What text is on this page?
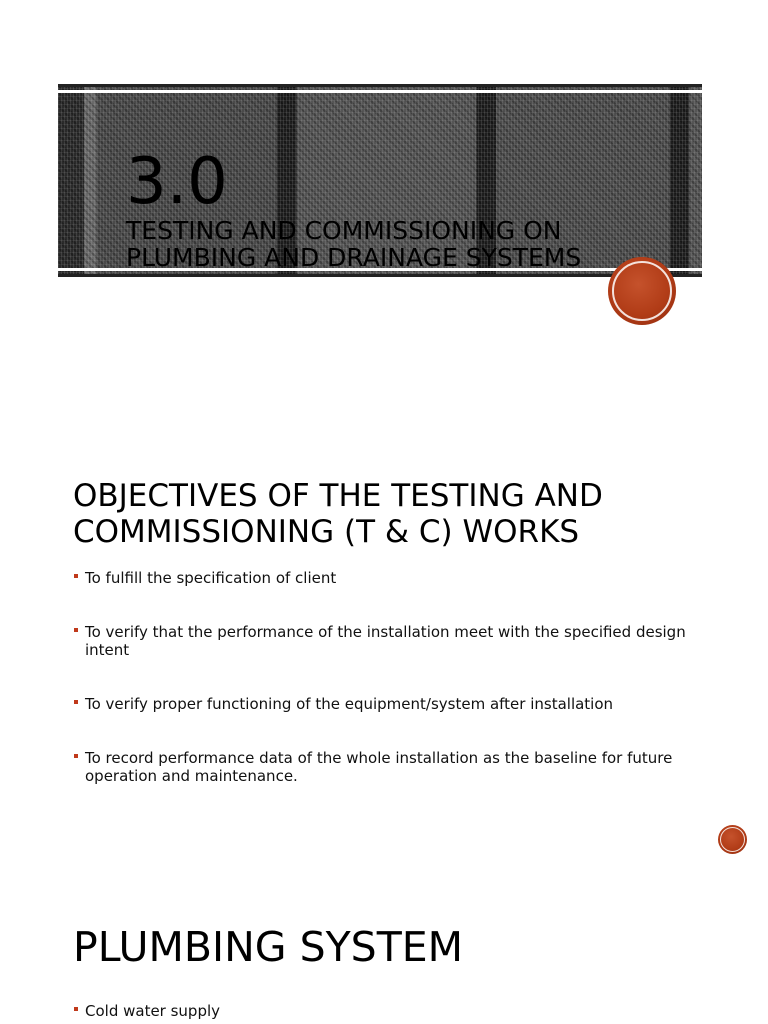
3.0
TESTING AND COMMISSIONING ON PLUMBING AND DRAINAGE SYSTEMS
OBJECTIVES OF THE TESTING AND COMMISSIONING (T & C) WORKS
To fulfill the specification of client
To verify that the performance of the installation meet with the specified design intent
To verify proper functioning of the equipment/system after installation
To record performance data of the whole installation as the baseline for future operation and maintenance.
PLUMBING SYSTEM
Cold water supply
